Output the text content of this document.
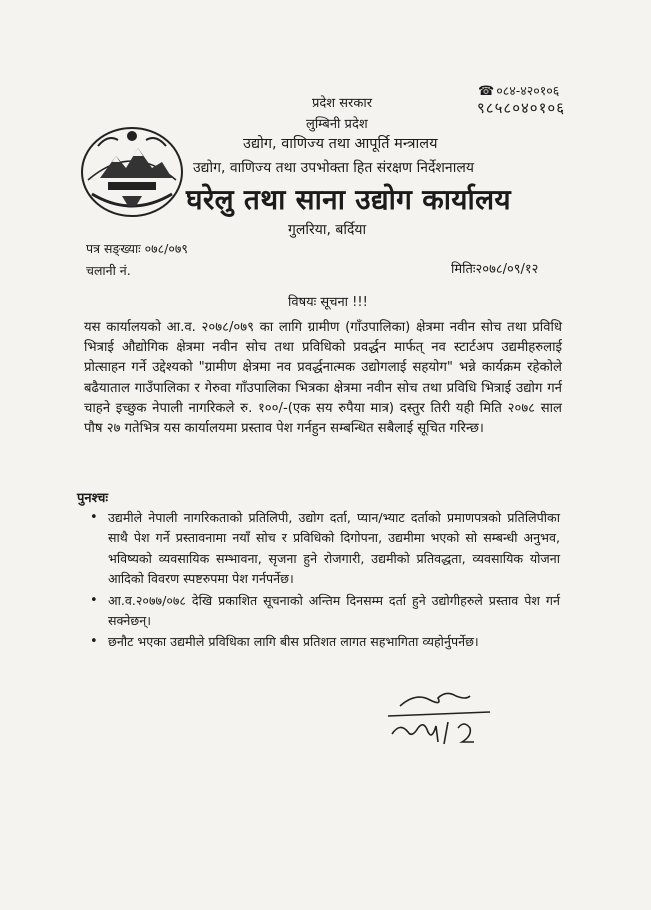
प्रदेश सरकार
लुम्बिनी प्रदेश
उद्योग, वाणिज्य तथा आपूर्ति मन्त्रालय
उद्योग, वाणिज्य तथा उपभोक्ता हित संरक्षण निर्देशनालय
घरेलु तथा साना उद्योग कार्यालय
गुलरिया, बर्दिया
☎ ०८४-४२०१०६
९८५८०४०१०६
पत्र सङ्ख्याः ०७८/०७९
चलानी नं.	मितिः२०७८/०९/१२
विषयः सूचना !!!
यस कार्यालयको आ.व. २०७८/०७९ का लागि ग्रामीण (गाँउपालिका) क्षेत्रमा नवीन सोच तथा प्रविधि भित्राई औद्योगिक क्षेत्रमा नवीन सोच तथा प्रविधिको प्रवर्द्धन मार्फत् नव स्टार्टअप उद्यमीहरुलाई प्रोत्साहन गर्ने उद्देश्यको "ग्रामीण क्षेत्रमा नव प्रवर्द्धनात्मक उद्योगलाई सहयोग" भन्ने कार्यक्रम रहेकोले बढैयाताल गाउँपालिका र गेरुवा गाँउपालिका भित्रका क्षेत्रमा नवीन सोच तथा प्रविधि भित्राई उद्योग गर्न चाहने इच्छुक नेपाली नागरिकले रु. १००/-(एक सय रुपैया मात्र) दस्तुर तिरी यही मिति २०७८ साल पौष २७ गतेभित्र यस कार्यालयमा प्रस्ताव पेश गर्नहुन सम्बन्धित सबैलाई सूचित गरिन्छ।
पुनश्चः
• उद्यमीले नेपाली नागरिकताको प्रतिलिपी, उद्योग दर्ता, प्यान/भ्याट दर्ताको प्रमाणपत्रको प्रतिलिपीका साथै पेश गर्ने प्रस्तावनामा नयाँ सोच र प्रविधिको दिगोपना, उद्यमीमा भएको सो सम्बन्धी अनुभव, भविष्यको व्यवसायिक सम्भावना, सृजना हुने रोजगारी, उद्यमीको प्रतिवद्धता, व्यवसायिक योजना आदिको विवरण स्पष्टरुपमा पेश गर्नपर्नेछ।
• आ.व.२०७७/०७८ देखि प्रकाशित सूचनाको अन्तिम दिनसम्म दर्ता हुने उद्योगीहरुले प्रस्ताव पेश गर्न सक्नेछन्।
• छनौट भएका उद्यमीले प्रविधिका लागि बीस प्रतिशत लागत सहभागिता व्यहोर्नुपर्नेछ।
